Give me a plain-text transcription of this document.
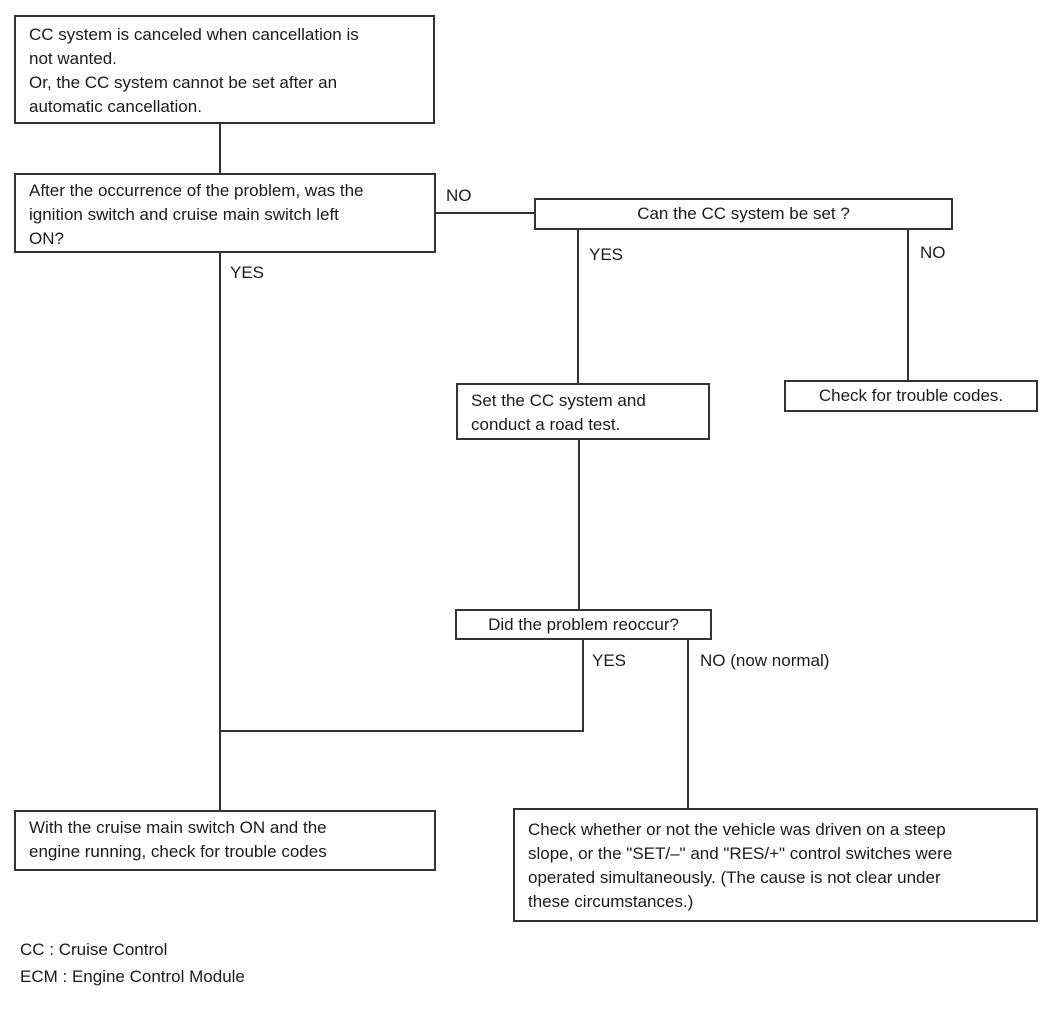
NO
YES
YES	NO
YES	NO (now normal)
CC system is canceled when cancellation is
not wanted.
Or, the CC system cannot be set after an
automatic cancellation.
After the occurrence of the problem, was the
ignition switch and cruise main switch left
ON?
Can the CC system be set ?
Set the CC system and
conduct a road test.
Check for trouble codes.
Did the problem reoccur?
With the cruise main switch ON and the
engine running, check for trouble codes
Check whether or not the vehicle was driven on a steep
slope, or the "SET/–" and "RES/+" control switches were
operated simultaneously. (The cause is not clear under
these circumstances.)
CC : Cruise Control
ECM : Engine Control Module
